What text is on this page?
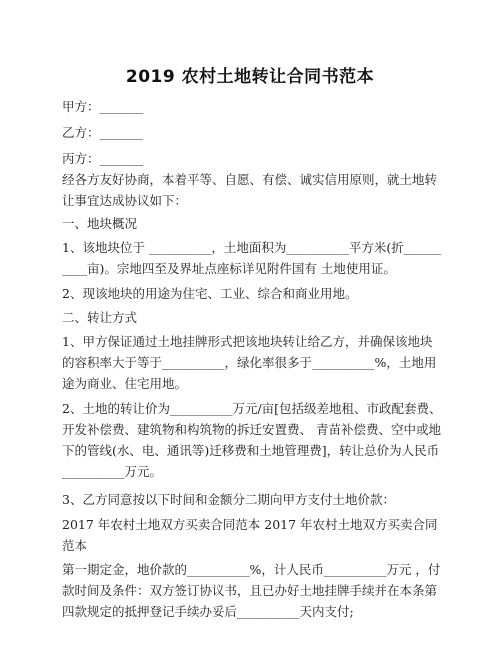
2019 农村土地转让合同书范本
甲方：_______
乙方：_______
丙方：_______
经各方友好协商，本着平等、自愿、有偿、诚实信用原则，就土地转让事宜达成协议如下：
一、地块概况
1、该地块位于 __________，土地面积为__________平方米(折__________亩)。宗地四至及界址点座标详见附件国有 土地使用证。
2、现该地块的用途为住宅、工业、综合和商业用地。
二、转让方式
1、甲方保证通过土地挂牌形式把该地块转让给乙方，并确保该地块的容积率大于等于__________，绿化率很多于__________%，土地用途为商业、住宅用地。
2、土地的转让价为__________万元/亩[包括级差地租、市政配套费、开发补偿费、建筑物和构筑物的拆迁安置费、 青苗补偿费、空中或地下的管线(水、电、通讯等)迁移费和土地管理费]，转让总价为人民币__________万元。
3、乙方同意按以下时间和金额分二期向甲方支付土地价款：
2017 年农村土地双方买卖合同范本 2017 年农村土地双方买卖合同范本
第一期定金，地价款的__________%，计人民币__________万元 ，付款时间及条件：双方签订协议书，且已办好土地挂牌手续并在本条第四款规定的抵押登记手续办妥后__________天内支付;
